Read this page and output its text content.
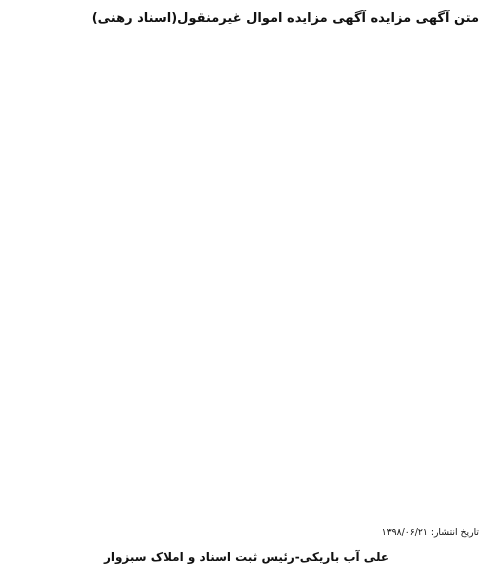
متن آگهی مزایده آگهی مزایده اموال غیرمنقول(اسناد رهنی)

تاریخ انتشار: ۱۳۹۸/۰۶/۲۱
علی آب باریکی-رئیس ثبت اسناد و املاک سبزوار
